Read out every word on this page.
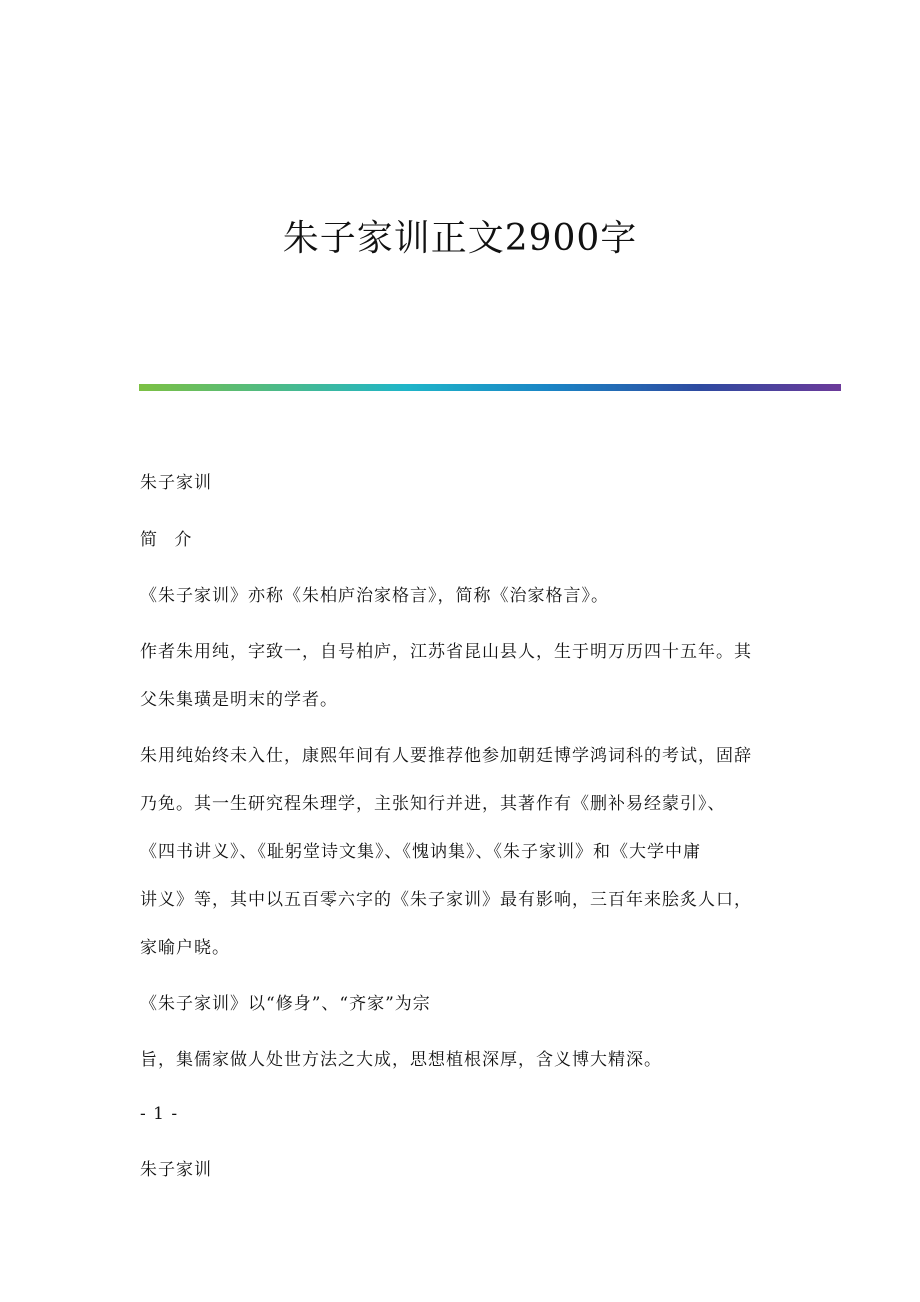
朱子家训正文2900字

朱子家训

简 介

《朱子家训》亦称《朱柏庐治家格言》，简称《治家格言》。

作者朱用纯，字致一，自号柏庐，江苏省昆山县人，生于明万历四十五年。其

父朱集璜是明末的学者。

朱用纯始终未入仕，康熙年间有人要推荐他参加朝廷博学鸿词科的考试，固辞

乃免。其一生研究程朱理学，主张知行并进，其著作有《删补易经蒙引》、

《四书讲义》、《耻躬堂诗文集》、《愧讷集》、《朱子家训》和《大学中庸

讲义》等，其中以五百零六字的《朱子家训》最有影响，三百年来脍炙人口，

家喻户晓。

《朱子家训》以“修身”、“齐家”为宗

旨，集儒家做人处世方法之大成，思想植根深厚，含义博大精深。

- 1 -

朱子家训
